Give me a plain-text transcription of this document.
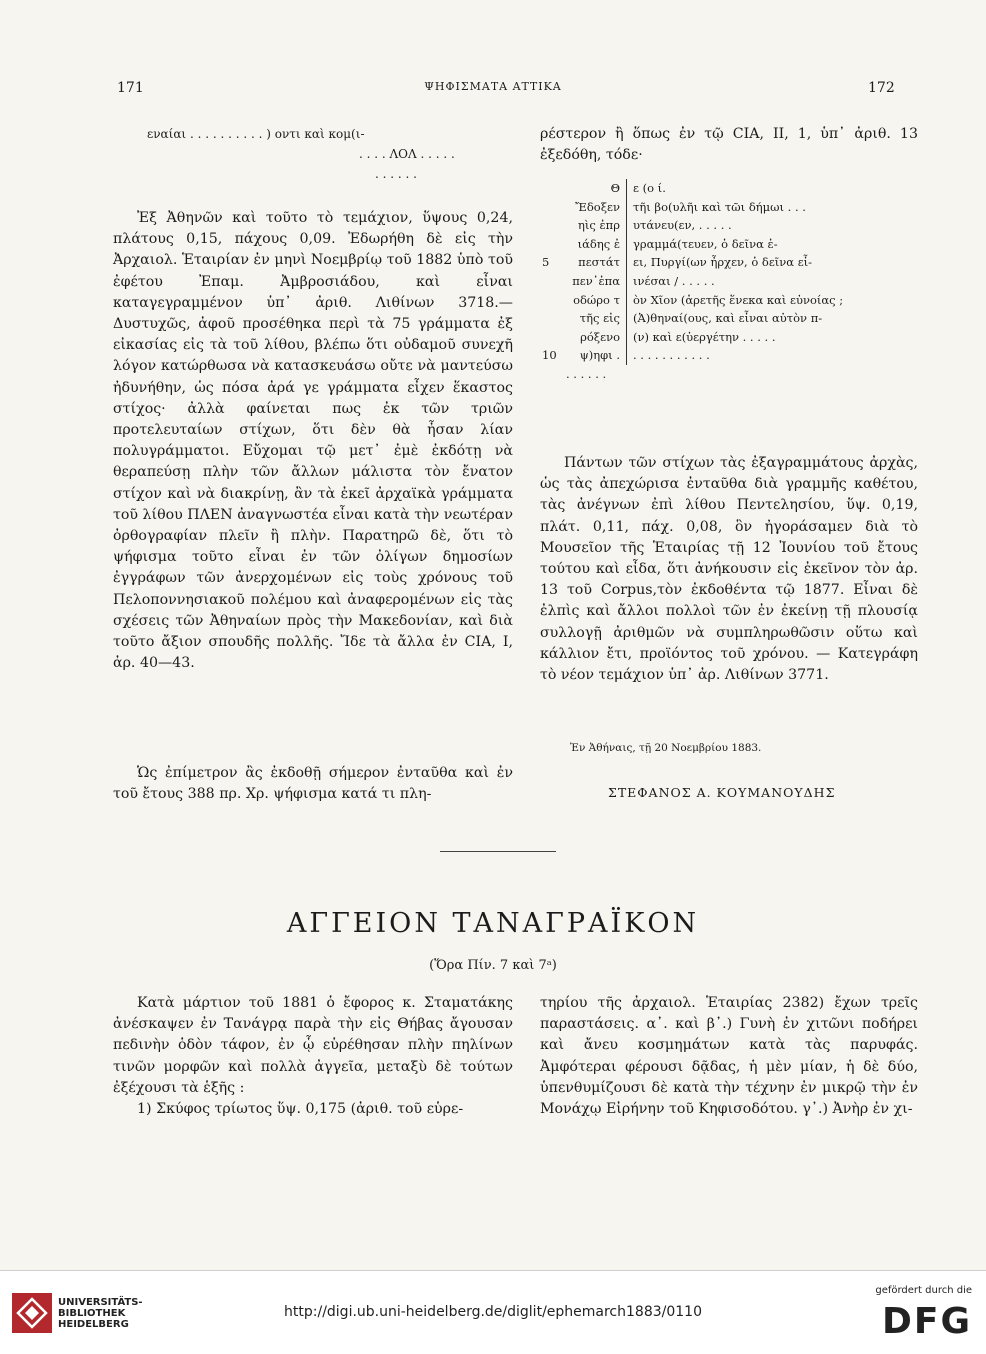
171	ΨΗΦΙΣΜΑΤΑ ΑΤΤΙΚΑ	172
εναίαι . . . . . . . . . . ) οντι καὶ κομ(ι-
. . . . ΛΟΛ . . . . .
. . . . . .

Ἐξ Ἀθηνῶν καὶ τοῦτο τὸ τεμάχιον, ὕψους 0,24, πλάτους 0,15, πάχους 0,09. Ἐδωρήθη δὲ εἰς τὴν Ἀρχαιολ. Ἑταιρίαν ἐν μηνὶ Νοεμβρίῳ τοῦ 1882 ὑπὸ τοῦ ἐφέτου Ἐπαμ. Ἀμβροσιάδου, καὶ εἶναι καταγεγραμμένον ὑπ᾽ ἀριθ. Λιθίνων 3718.— Δυστυχῶς, ἀφοῦ προσέθηκα περὶ τὰ 75 γράμματα ἐξ εἰκασίας εἰς τὰ τοῦ λίθου, βλέπω ὅτι οὐδαμοῦ συνεχῆ λόγον κατώρθωσα νὰ κατασκευάσω οὔτε νὰ μαντεύσω ἠδυνήθην, ὡς πόσα ἀρά γε γράμματα εἶχεν ἕκαστος στίχος· ἀλλὰ φαίνεται πως ἐκ τῶν τριῶν προτελευταίων στίχων, ὅτι δὲν θὰ ἦσαν λίαν πολυγράμματοι. Εὔχομαι τῷ μετ᾽ ἐμὲ ἐκδότῃ νὰ θεραπεύσῃ πλὴν τῶν ἄλλων μάλιστα τὸν ἔνατον στίχον καὶ νὰ διακρίνῃ, ἂν τὰ ἐκεῖ ἀρχαϊκὰ γράμματα τοῦ λίθου ΠΛΕΝ ἀναγνωστέα εἶναι κατὰ τὴν νεωτέραν ὀρθογραφίαν πλεῖν ἢ πλὴν. Παρατηρῶ δὲ, ὅτι τὸ ψήφισμα τοῦτο εἶναι ἐν τῶν ὀλίγων δημοσίων ἐγγράφων τῶν ἀνερχομένων εἰς τοὺς χρόνους τοῦ Πελοποννησιακοῦ πολέμου καὶ ἀναφερομένων εἰς τὰς σχέσεις τῶν Ἀθηναίων πρὸς τὴν Μακεδονίαν, καὶ διὰ τοῦτο ἄξιον σπουδῆς πολλῆς. Ἴδε τὰ ἄλλα ἐν CIA, I, ἀρ. 40—43.

Ὡς ἐπίμετρον ἂς ἐκδοθῇ σήμερον ἐνταῦθα καὶ ἐν τοῦ ἔτους 388 πρ. Χρ. ψήφισμα κατά τι πλη-

ρέστερον ἢ ὅπως ἐν τῷ CIA, II, 1, ὑπ᾽ ἀριθ. 13 ἐξεδόθη, τόδε·

Θ	ε (ο ί.
Ἔδοξεν	τῆι βο(υλῆι καὶ τῶι δήμωι . . .
ηὶς ἐπρ	υτάνευ(εν, . . . . .
ιάδης ἐ	γραμμά(τευεν, ὁ δεῖνα ἐ-
5	πεστάτ	ει, Πυργί(ων ἦρχεν, ὁ δεῖνα εἶ-
πεν᾽ἐπα	ινέσαι / . . . . .
οδώρο τ	ὸν Χῖον (ἀρετῆς ἕνεκα καὶ εὐνοίας ;
τῆς εἰς	(Ἀ)θηναί(ους, καὶ εἶναι αὐτὸν π-
ρόξενο	(ν) καὶ ε(ὐεργέτην . . . . .
10	ψ)ηφι .	. . . . . . . . . . .
. . . . . .

Πάντων τῶν στίχων τὰς ἐξαγραμμάτους ἀρχὰς, ὡς τὰς ἀπεχώρισα ἐνταῦθα διὰ γραμμῆς καθέτου, τὰς ἀνέγνων ἐπὶ λίθου Πεντελησίου, ὕψ. 0,19, πλάτ. 0,11, πάχ. 0,08, ὃν ἠγοράσαμεν διὰ τὸ Μουσεῖον τῆς Ἑταιρίας τῇ 12 Ἰουνίου τοῦ ἔτους τούτου καὶ εἶδα, ὅτι ἀνήκουσιν εἰς ἐκεῖνον τὸν ἀρ. 13 τοῦ Corpus,τὸν ἐκδοθέντα τῷ 1877. Εἶναι δὲ ἐλπὶς καὶ ἄλλοι πολλοὶ τῶν ἐν ἐκείνῃ τῇ πλουσίᾳ συλλογῇ ἀριθμῶν νὰ συμπληρωθῶσιν οὕτω καὶ κάλλιον ἔτι, προϊόντος τοῦ χρόνου. — Κατεγράφη τὸ νέον τεμάχιον ὑπ᾽ ἀρ. Λιθίνων 3771.

Ἐν Ἀθήναις, τῇ 20 Νοεμβρίου 1883.
ΣΤΕΦΑΝΟΣ Α. ΚΟΥΜΑΝΟΥΔΗΣ
ΑΓΓΕΙΟΝ ΤΑΝΑΓΡΑΪΚΟΝ
(Ὅρα Πίν. 7 καὶ 7ᵃ)

Κατὰ μάρτιον τοῦ 1881 ὁ ἔφορος κ. Σταματάκης ἀνέσκαψεν ἐν Τανάγρᾳ παρὰ τὴν εἰς Θήβας ἄγουσαν πεδινὴν ὁδὸν τάφον, ἐν ᾧ εὑρέθησαν πλὴν πηλίνων τινῶν μορφῶν καὶ πολλὰ ἀγγεῖα, μεταξὺ δὲ τούτων ἐξέχουσι τὰ ἑξῆς :

1) Σκύφος τρίωτος ὕψ. 0,175 (ἀριθ. τοῦ εὑρε-

τηρίου τῆς ἀρχαιολ. Ἑταιρίας 2382) ἔχων τρεῖς παραστάσεις. α᾽. καὶ β᾽.) Γυνὴ ἐν χιτῶνι ποδήρει καὶ ἄνευ κοσμημάτων κατὰ τὰς παρυφάς. Ἀμφότεραι φέρουσι δᾷδας, ἡ μὲν μίαν, ἡ δὲ δύο, ὑπενθυμίζουσι δὲ κατὰ τὴν τέχνην ἐν μικρῷ τὴν ἐν Μονάχῳ Εἰρήνην τοῦ Κηφισοδότου. γ᾽.) Ἀνὴρ ἐν χι-

UNIVERSITÄTS-
BIBLIOTHEK
HEIDELBERG
http://digi.ub.uni-heidelberg.de/diglit/ephemarch1883/0110
gefördert durch die
DFG
